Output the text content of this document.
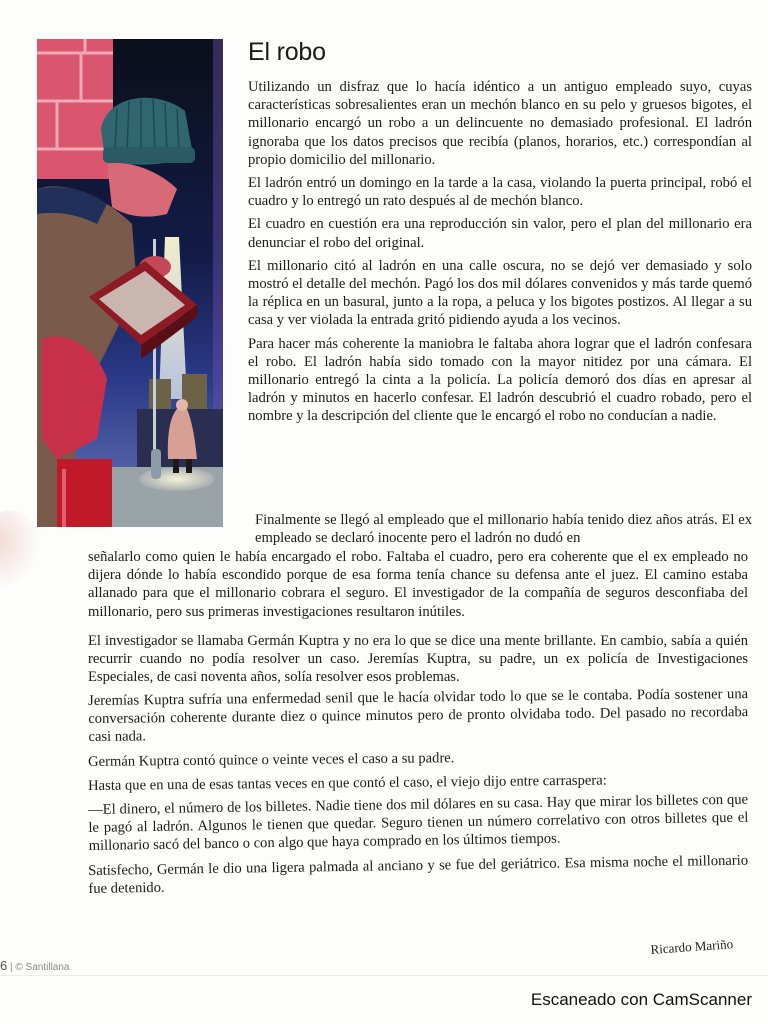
El robo

Utilizando un disfraz que lo hacía idéntico a un antiguo empleado suyo, cuyas características sobresalientes eran un mechón blanco en su pelo y gruesos bigotes, el millonario encargó un robo a un delincuente no demasiado profesional. El ladrón ignoraba que los datos precisos que recibía (planos, horarios, etc.) correspondían al propio domicilio del millonario.

El ladrón entró un domingo en la tarde a la casa, violando la puerta principal, robó el cuadro y lo entregó un rato después al de mechón blanco.

El cuadro en cuestión era una reproducción sin valor, pero el plan del millonario era denunciar el robo del original.

El millonario citó al ladrón en una calle oscura, no se dejó ver demasiado y solo mostró el detalle del mechón. Pagó los dos mil dólares convenidos y más tarde quemó la réplica en un basural, junto a la ropa, a peluca y los bigotes postizos. Al llegar a su casa y ver violada la entrada gritó pidiendo ayuda a los vecinos.

Para hacer más coherente la maniobra le faltaba ahora lograr que el ladrón confesara el robo. El ladrón había sido tomado con la mayor nitidez por una cámara. El millonario entregó la cinta a la policía. La policía demoró dos días en apresar al ladrón y minutos en hacerlo confesar. El ladrón descubrió el cuadro robado, pero el nombre y la descripción del cliente que le encargó el robo no conducían a nadie.

Finalmente se llegó al empleado que el millonario había tenido diez años atrás. El ex empleado se declaró inocente pero el ladrón no dudó en

señalarlo como quien le había encargado el robo. Faltaba el cuadro, pero era coherente que el ex empleado no dijera dónde lo había escondido porque de esa forma tenía chance su defensa ante el juez. El camino estaba allanado para que el millonario cobrara el seguro. El investigador de la compañía de seguros desconfiaba del millonario, pero sus primeras investigaciones resultaron inútiles.

El investigador se llamaba Germán Kuptra y no era lo que se dice una mente brillante. En cambio, sabía a quién recurrir cuando no podía resolver un caso. Jeremías Kuptra, su padre, un ex policía de Investigaciones Especiales, de casi noventa años, solía resolver esos problemas.

Jeremías Kuptra sufría una enfermedad senil que le hacía olvidar todo lo que se le contaba. Podía sostener una conversación coherente durante diez o quince minutos pero de pronto olvidaba todo. Del pasado no recordaba casi nada.

Germán Kuptra contó quince o veinte veces el caso a su padre.

Hasta que en una de esas tantas veces en que contó el caso, el viejo dijo entre carraspera:

—El dinero, el número de los billetes. Nadie tiene dos mil dólares en su casa. Hay que mirar los billetes con que le pagó al ladrón. Algunos le tienen que quedar. Seguro tienen un número correlativo con otros billetes que el millonario sacó del banco o con algo que haya comprado en los últimos tiempos.

Satisfecho, Germán le dio una ligera palmada al anciano y se fue del geriátrico. Esa misma noche el millonario fue detenido.

Ricardo Mariño
6 | © Santillana
Escaneado con CamScanner
